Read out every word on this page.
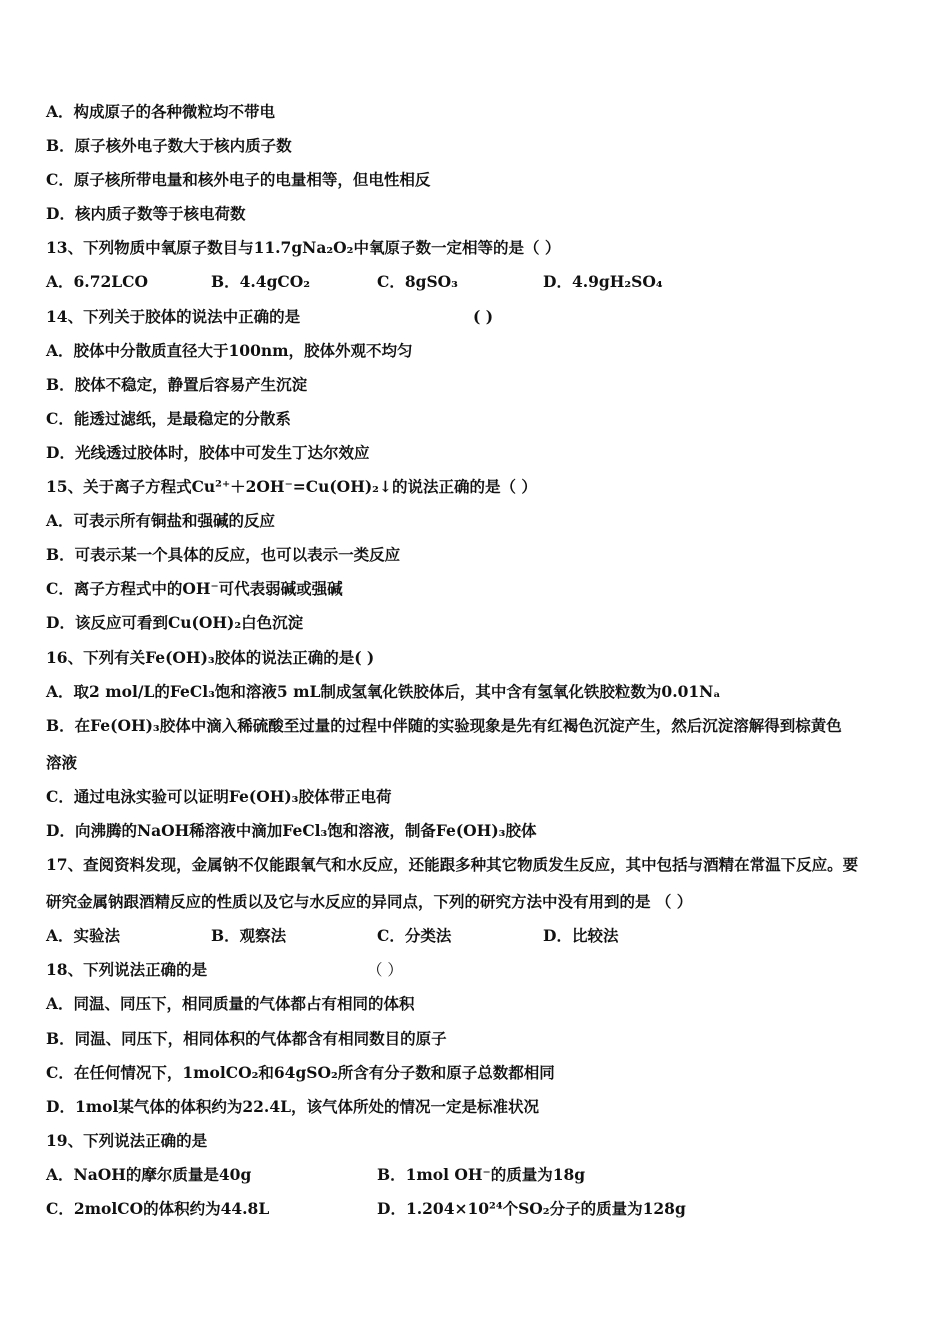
A．构成原子的各种微粒均不带电
B．原子核外电子数大于核内质子数
C．原子核所带电量和核外电子的电量相等，但电性相反
D．核内质子数等于核电荷数
13、下列物质中氧原子数目与11.7gNa₂O₂中氧原子数一定相等的是（ ）
A．6.72LCO	B．4.4gCO₂	C．8gSO₃	D．4.9gH₂SO₄
14、下列关于胶体的说法中正确的是	( )
A．胶体中分散质直径大于100nm，胶体外观不均匀
B．胶体不稳定，静置后容易产生沉淀
C．能透过滤纸，是最稳定的分散系
D．光线透过胶体时，胶体中可发生丁达尔效应
15、关于离子方程式Cu²⁺＋2OH⁻=Cu(OH)₂↓的说法正确的是（ ）
A．可表示所有铜盐和强碱的反应
B．可表示某一个具体的反应，也可以表示一类反应
C．离子方程式中的OH⁻可代表弱碱或强碱
D．该反应可看到Cu(OH)₂白色沉淀
16、下列有关Fe(OH)₃胶体的说法正确的是( )
A．取2 mol/L的FeCl₃饱和溶液5 mL制成氢氧化铁胶体后，其中含有氢氧化铁胶粒数为0.01Nₐ
B．在Fe(OH)₃胶体中滴入稀硫酸至过量的过程中伴随的实验现象是先有红褐色沉淀产生，然后沉淀溶解得到棕黄色
溶液
C．通过电泳实验可以证明Fe(OH)₃胶体带正电荷
D．向沸腾的NaOH稀溶液中滴加FeCl₃饱和溶液，制备Fe(OH)₃胶体
17、查阅资料发现，金属钠不仅能跟氧气和水反应，还能跟多种其它物质发生反应，其中包括与酒精在常温下反应。要
研究金属钠跟酒精反应的性质以及它与水反应的异同点，下列的研究方法中没有用到的是 （ ）
A．实验法	B．观察法	C．分类法	D．比较法
18、下列说法正确的是	（ ）
A．同温、同压下，相同质量的气体都占有相同的体积
B．同温、同压下，相同体积的气体都含有相同数目的原子
C．在任何情况下，1molCO₂和64gSO₂所含有分子数和原子总数都相同
D．1mol某气体的体积约为22.4L，该气体所处的情况一定是标准状况
19、下列说法正确的是
A．NaOH的摩尔质量是40g	B．1mol OH⁻的质量为18g
C．2molCO的体积约为44.8L	D．1.204×10²⁴个SO₂分子的质量为128g
